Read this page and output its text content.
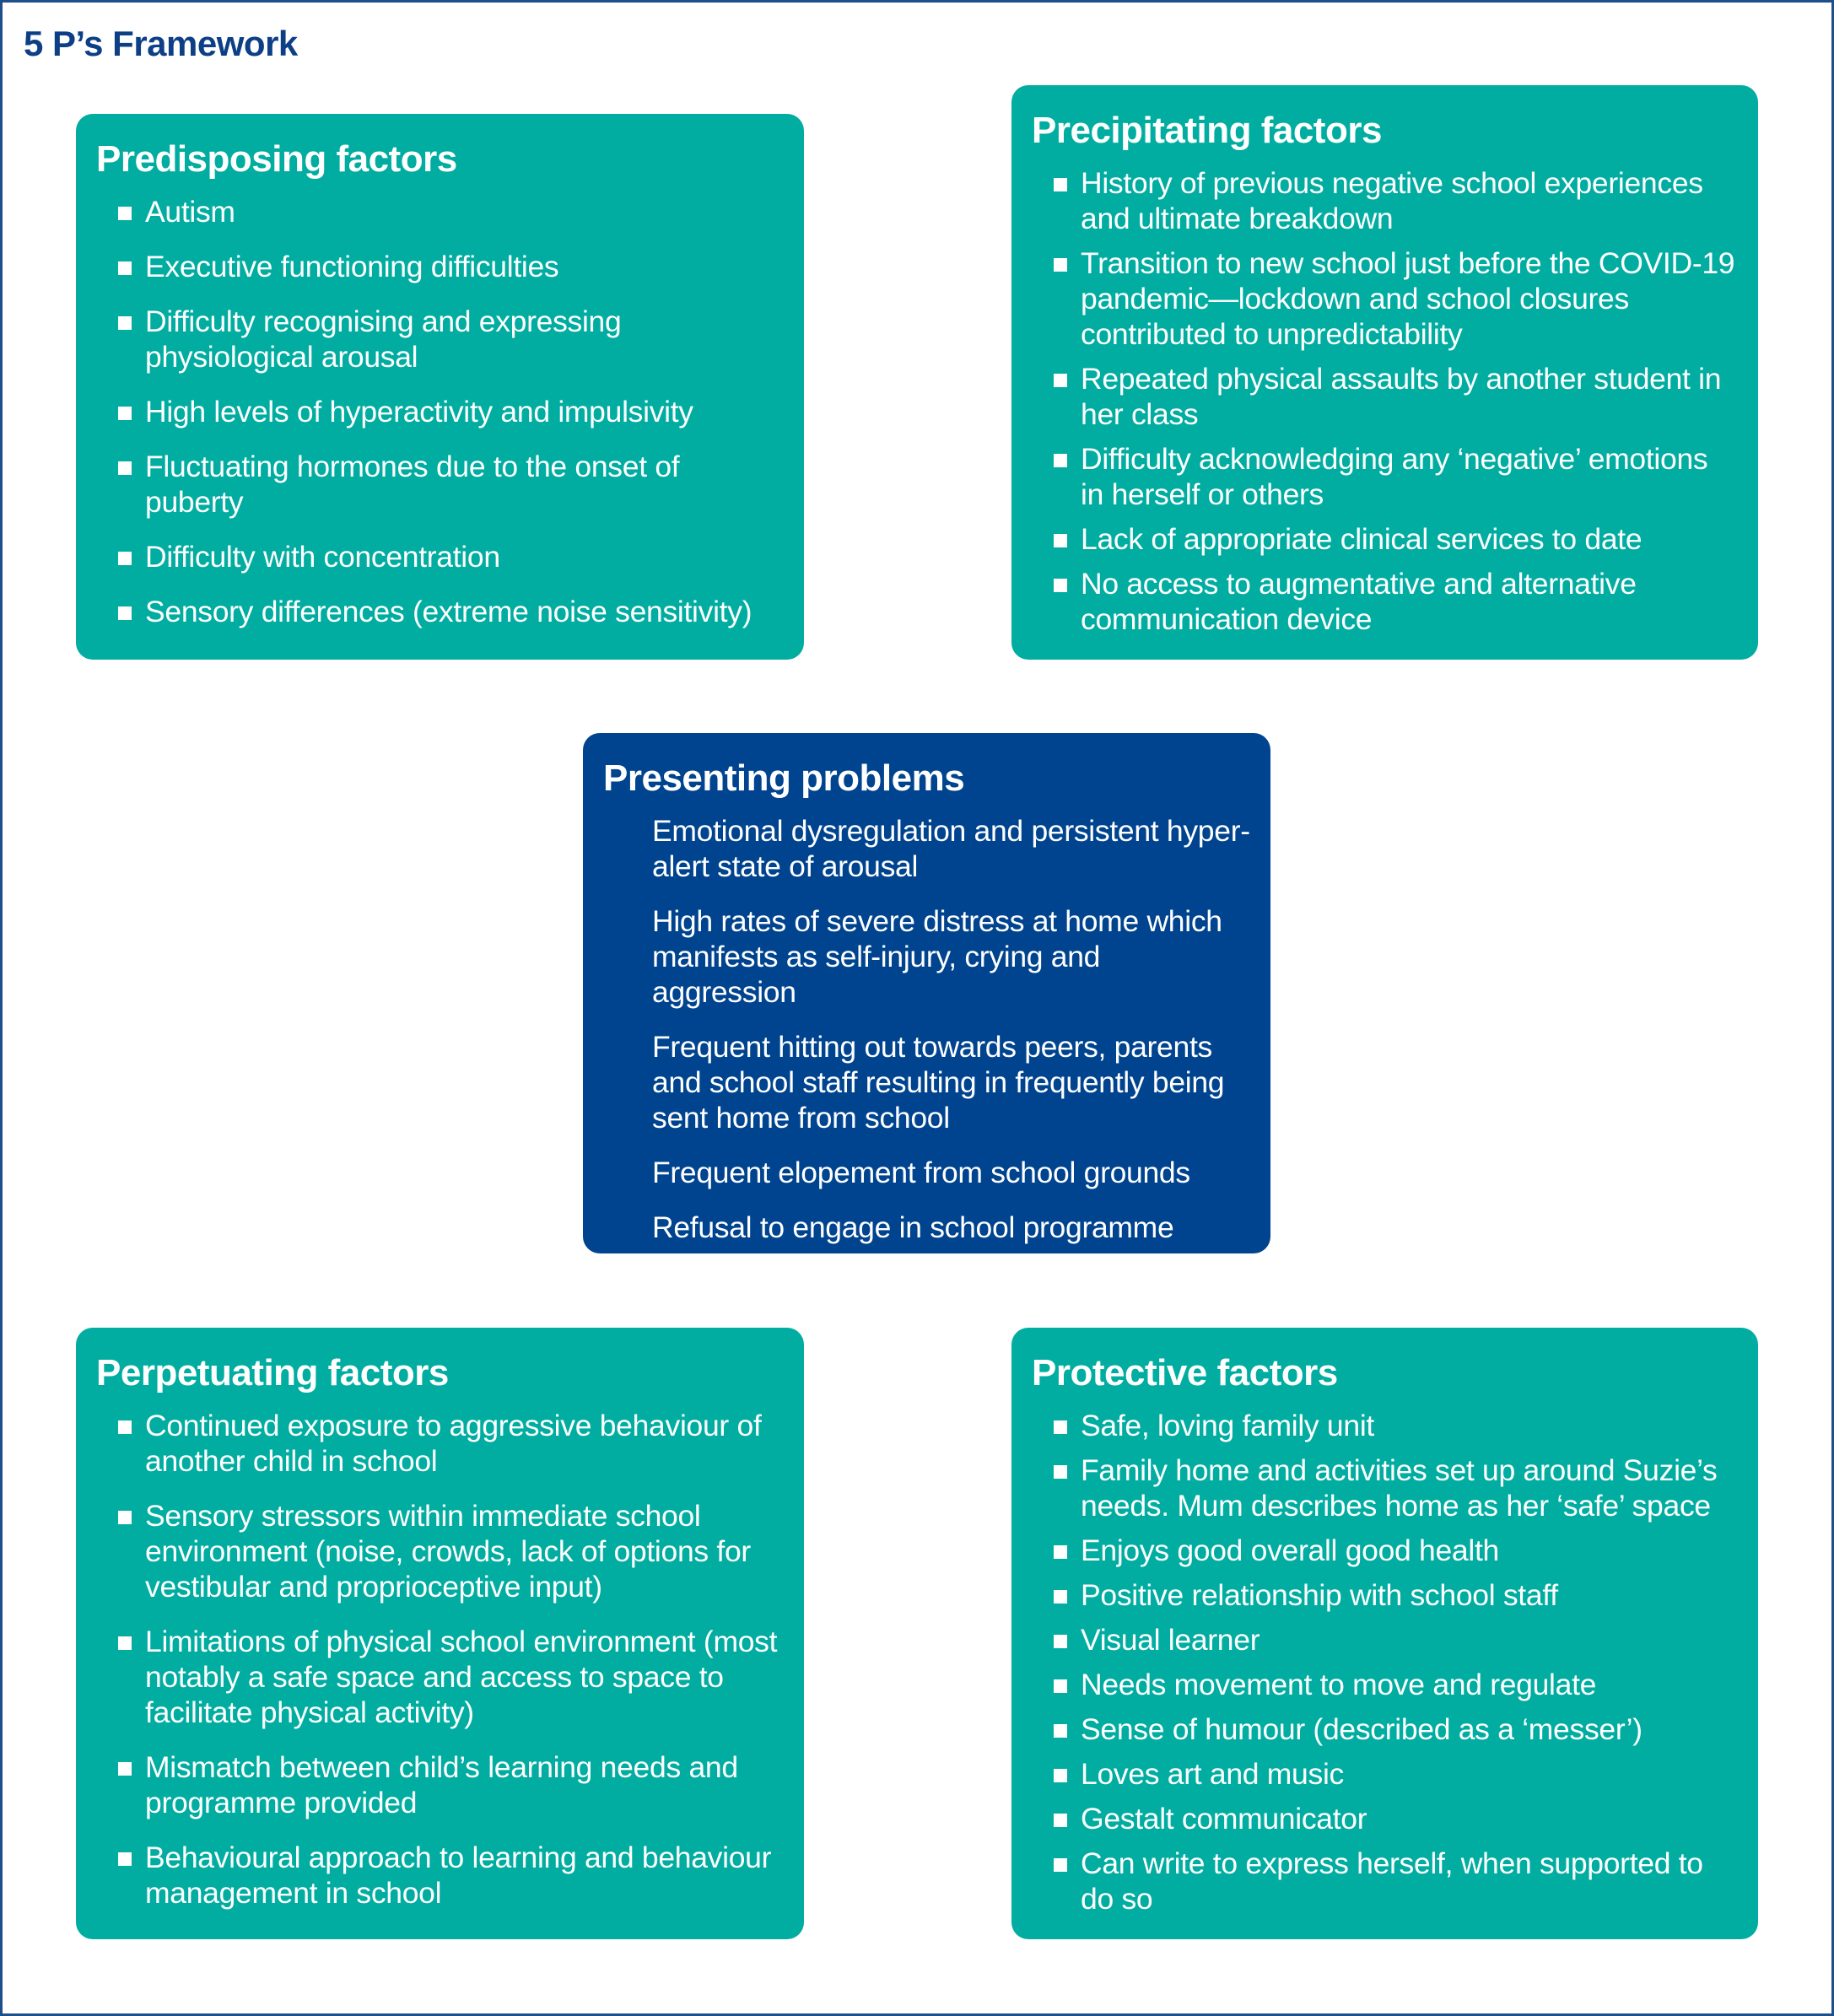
5 P’s Framework
Predisposing factors
Autism
Executive functioning difficulties
Difficulty recognising and expressing physiological arousal
High levels of hyperactivity and impulsivity
Fluctuating hormones due to the onset of puberty
Difficulty with concentration
Sensory differences (extreme noise sensitivity)
Precipitating factors
History of previous negative school experiences and ultimate breakdown
Transition to new school just before the COVID-19 pandemic—lockdown and school closures contributed to unpredictability
Repeated physical assaults by another student in her class
Difficulty acknowledging any ‘negative’ emotions in herself or others
Lack of appropriate clinical services to date
No access to augmentative and alternative communication device
Presenting problems
Emotional dysregulation and persistent hyper-alert state of arousal
High rates of severe distress at home which manifests as self-injury, crying and aggression
Frequent hitting out towards peers, parents and school staff resulting in frequently being sent home from school
Frequent elopement from school grounds
Refusal to engage in school programme
Perpetuating factors
Continued exposure to aggressive behaviour of another child in school
Sensory stressors within immediate school environment (noise, crowds, lack of options for vestibular and proprioceptive input)
Limitations of physical school environment (most notably a safe space and access to space to facilitate physical activity)
Mismatch between child’s learning needs and programme provided
Behavioural approach to learning and behaviour management in school
Protective factors
Safe, loving family unit
Family home and activities set up around Suzie’s needs. Mum describes home as her ‘safe’ space
Enjoys good overall good health
Positive relationship with school staff
Visual learner
Needs movement to move and regulate
Sense of humour (described as a ‘messer’)
Loves art and music
Gestalt communicator
Can write to express herself, when supported to do so
